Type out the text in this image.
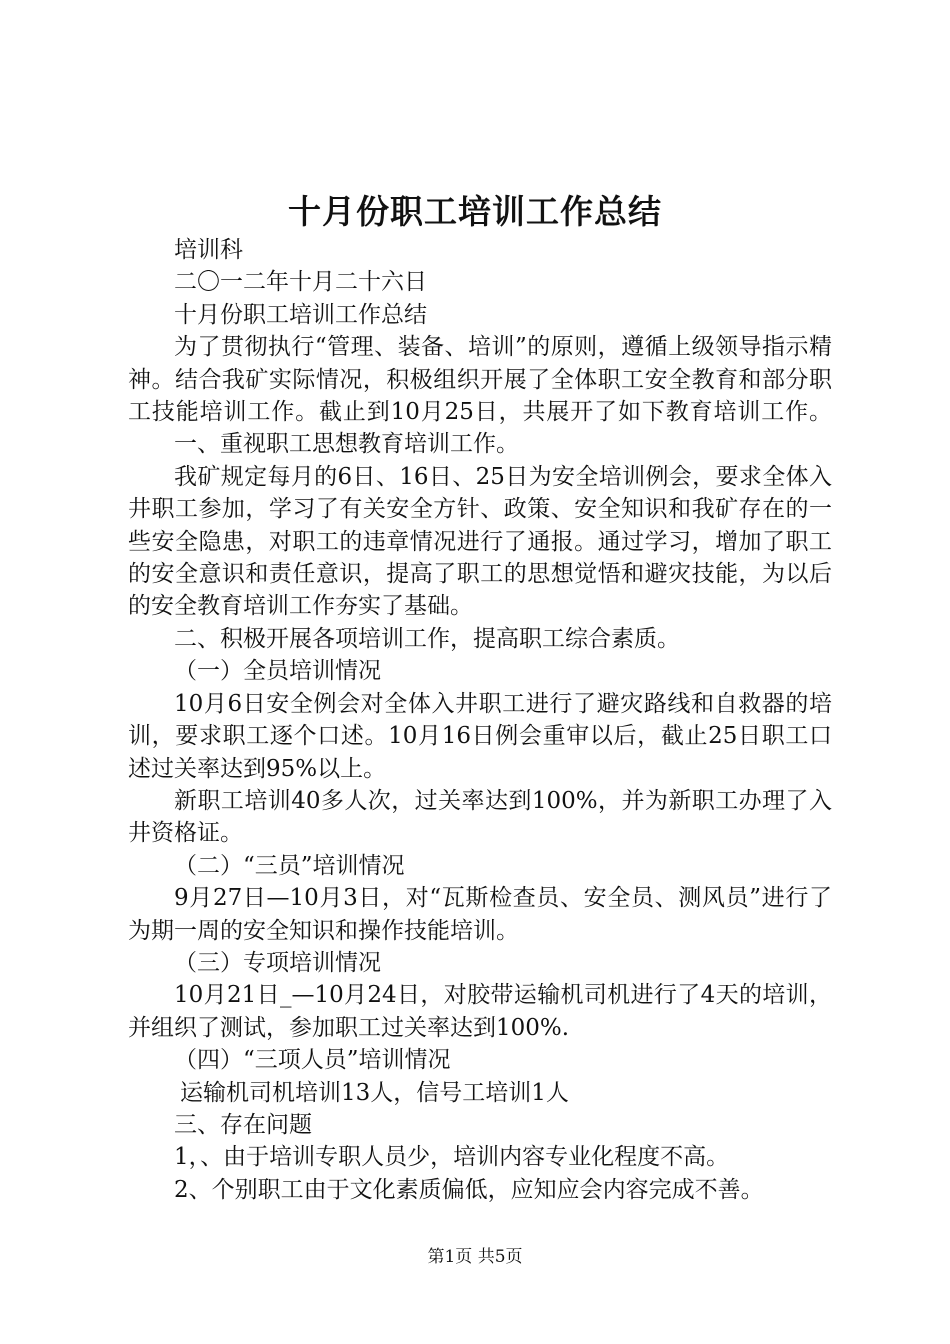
十月份职工培训工作总结

培训科

二〇一二年十月二十六日

十月份职工培训工作总结

为了贯彻执行“管理、装备、培训”的原则，遵循上级领导指示精神。结合我矿实际情况，积极组织开展了全体职工安全教育和部分职工技能培训工作。截止到10月25日，共展开了如下教育培训工作。

一、重视职工思想教育培训工作。

我矿规定每月的6日、16日、25日为安全培训例会，要求全体入井职工参加，学习了有关安全方针、政策、安全知识和我矿存在的一些安全隐患，对职工的违章情况进行了通报。通过学习，增加了职工的安全意识和责任意识，提高了职工的思想觉悟和避灾技能，为以后的安全教育培训工作夯实了基础。

二、积极开展各项培训工作，提高职工综合素质。

（一）全员培训情况

10月6日安全例会对全体入井职工进行了避灾路线和自救器的培训，要求职工逐个口述。10月16日例会重审以后，截止25日职工口述过关率达到95%以上。

新职工培训40多人次，过关率达到100%，并为新职工办理了入井资格证。

（二）“三员”培训情况

9月27日—10月3日，对“瓦斯检查员、安全员、测风员”进行了为期一周的安全知识和操作技能培训。

（三）专项培训情况

10月21日_—10月24日，对胶带运输机司机进行了4天的培训，并组织了测试，参加职工过关率达到100%.

（四）“三项人员”培训情况

运输机司机培训13人，信号工培训1人

三、存在问题

1，、由于培训专职人员少，培训内容专业化程度不高。

2、个别职工由于文化素质偏低，应知应会内容完成不善。

第1页 共5页
